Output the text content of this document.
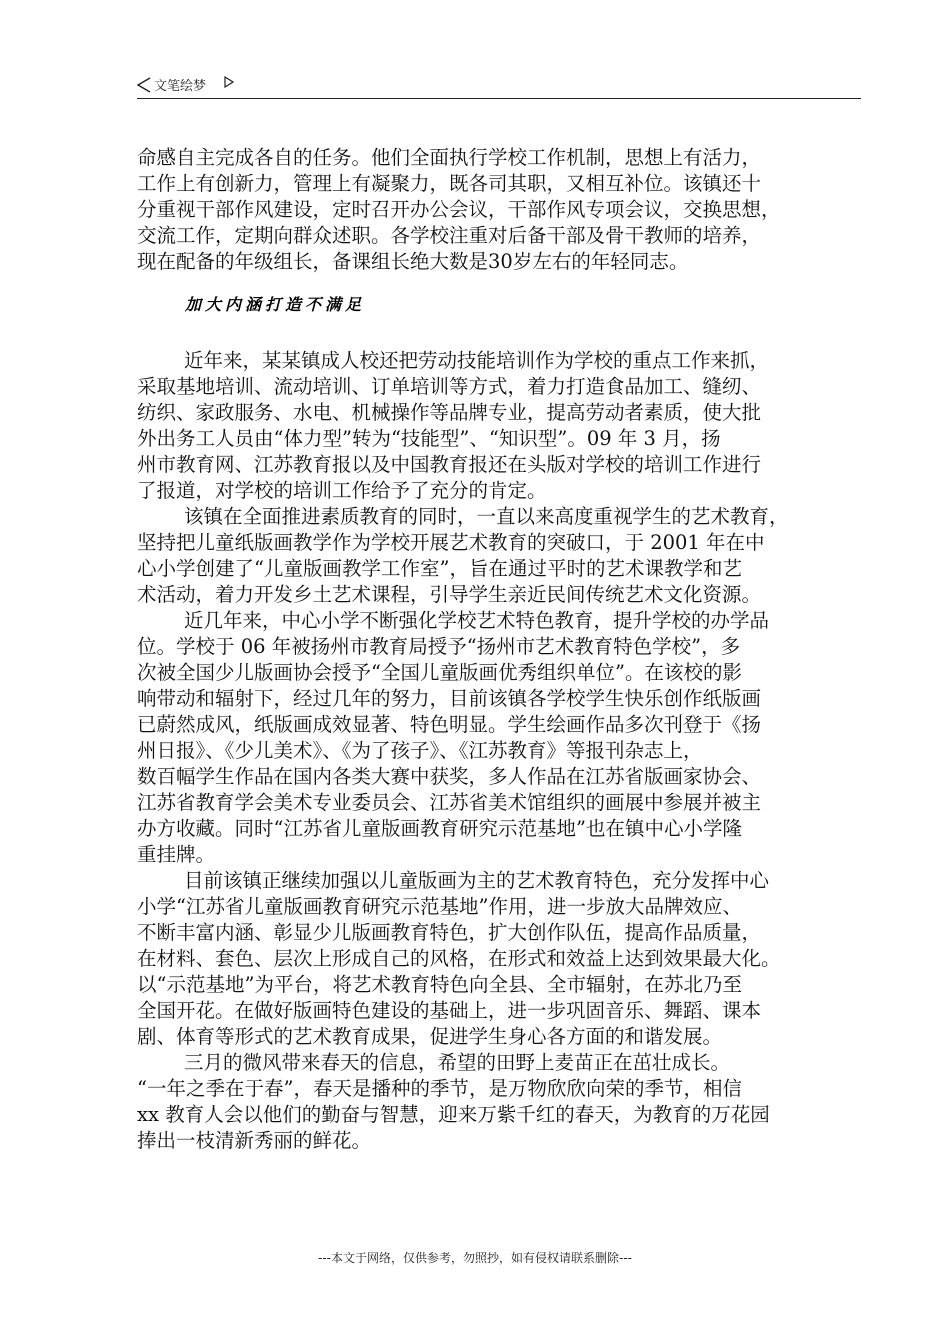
文笔绘梦
命感自主完成各自的任务。他们全面执行学校工作机制，思想上有活力，
工作上有创新力，管理上有凝聚力，既各司其职，又相互补位。该镇还十
分重视干部作风建设，定时召开办公会议，干部作风专项会议，交换思想，
交流工作，定期向群众述职。各学校注重对后备干部及骨干教师的培养，
现在配备的年级组长，备课组长绝大数是30岁左右的年轻同志。
加大内涵打造不满足
近年来，某某镇成人校还把劳动技能培训作为学校的重点工作来抓，
采取基地培训、流动培训、订单培训等方式，着力打造食品加工、缝纫、
纺织、家政服务、水电、机械操作等品牌专业，提高劳动者素质，使大批
外出务工人员由“体力型”转为“技能型”、“知识型”。09 年 3 月，扬
州市教育网、江苏教育报以及中国教育报还在头版对学校的培训工作进行
了报道，对学校的培训工作给予了充分的肯定。
该镇在全面推进素质教育的同时，一直以来高度重视学生的艺术教育，
坚持把儿童纸版画教学作为学校开展艺术教育的突破口，于 2001 年在中
心小学创建了“儿童版画教学工作室”，旨在通过平时的艺术课教学和艺
术活动，着力开发乡土艺术课程，引导学生亲近民间传统艺术文化资源。
近几年来，中心小学不断强化学校艺术特色教育，提升学校的办学品
位。学校于 06 年被扬州市教育局授予“扬州市艺术教育特色学校”，多
次被全国少儿版画协会授予“全国儿童版画优秀组织单位”。在该校的影
响带动和辐射下，经过几年的努力，目前该镇各学校学生快乐创作纸版画
已蔚然成风，纸版画成效显著、特色明显。学生绘画作品多次刊登于《扬
州日报》、《少儿美术》、《为了孩子》、《江苏教育》等报刊杂志上，
数百幅学生作品在国内各类大赛中获奖，多人作品在江苏省版画家协会、
江苏省教育学会美术专业委员会、江苏省美术馆组织的画展中参展并被主
办方收藏。同时“江苏省儿童版画教育研究示范基地”也在镇中心小学隆
重挂牌。
目前该镇正继续加强以儿童版画为主的艺术教育特色，充分发挥中心
小学“江苏省儿童版画教育研究示范基地”作用，进一步放大品牌效应、
不断丰富内涵、彰显少儿版画教育特色，扩大创作队伍，提高作品质量，
在材料、套色、层次上形成自己的风格，在形式和效益上达到效果最大化。
以“示范基地”为平台，将艺术教育特色向全县、全市辐射，在苏北乃至
全国开花。在做好版画特色建设的基础上，进一步巩固音乐、舞蹈、课本
剧、体育等形式的艺术教育成果，促进学生身心各方面的和谐发展。
三月的微风带来春天的信息，希望的田野上麦苗正在茁壮成长。
“一年之季在于春”，春天是播种的季节，是万物欣欣向荣的季节，相信
xx 教育人会以他们的勤奋与智慧，迎来万紫千红的春天，为教育的万花园
捧出一枝清新秀丽的鲜花。
---本文于网络，仅供参考，勿照抄，如有侵权请联系删除---
